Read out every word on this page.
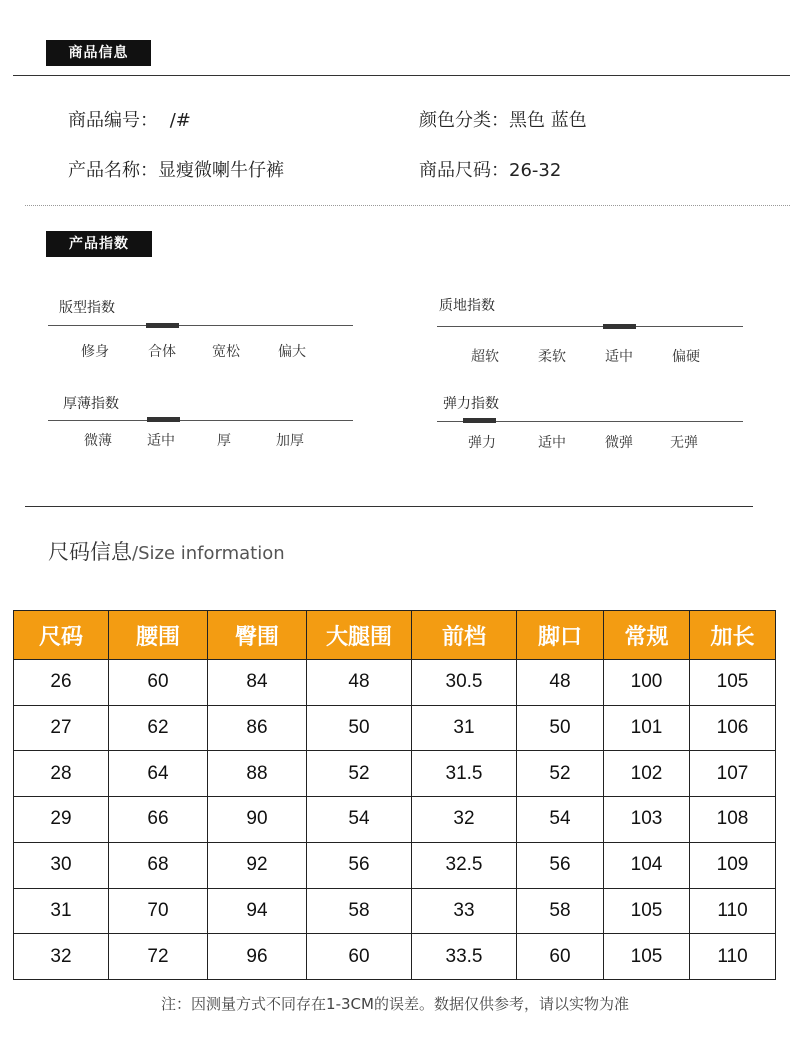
商品信息
商品编号： /#	颜色分类：黑色 蓝色
产品名称：显瘦微喇牛仔裤	商品尺码：26-32
产品指数
版型指数
修身	合体	宽松	偏大
质地指数
超软	柔软	适中	偏硬
厚薄指数
微薄	适中	厚	加厚
弹力指数
弹力	适中	微弹	无弹
尺码信息/Size information
尺码	腰围	臀围	大腿围	前档	脚口	常规	加长
26	60	84	48	30.5	48	100	105
27	62	86	50	31	50	101	106
28	64	88	52	31.5	52	102	107
29	66	90	54	32	54	103	108
30	68	92	56	32.5	56	104	109
31	70	94	58	33	58	105	110
32	72	96	60	33.5	60	105	110
注：因测量方式不同存在1-3CM的误差。数据仅供参考，请以实物为准
